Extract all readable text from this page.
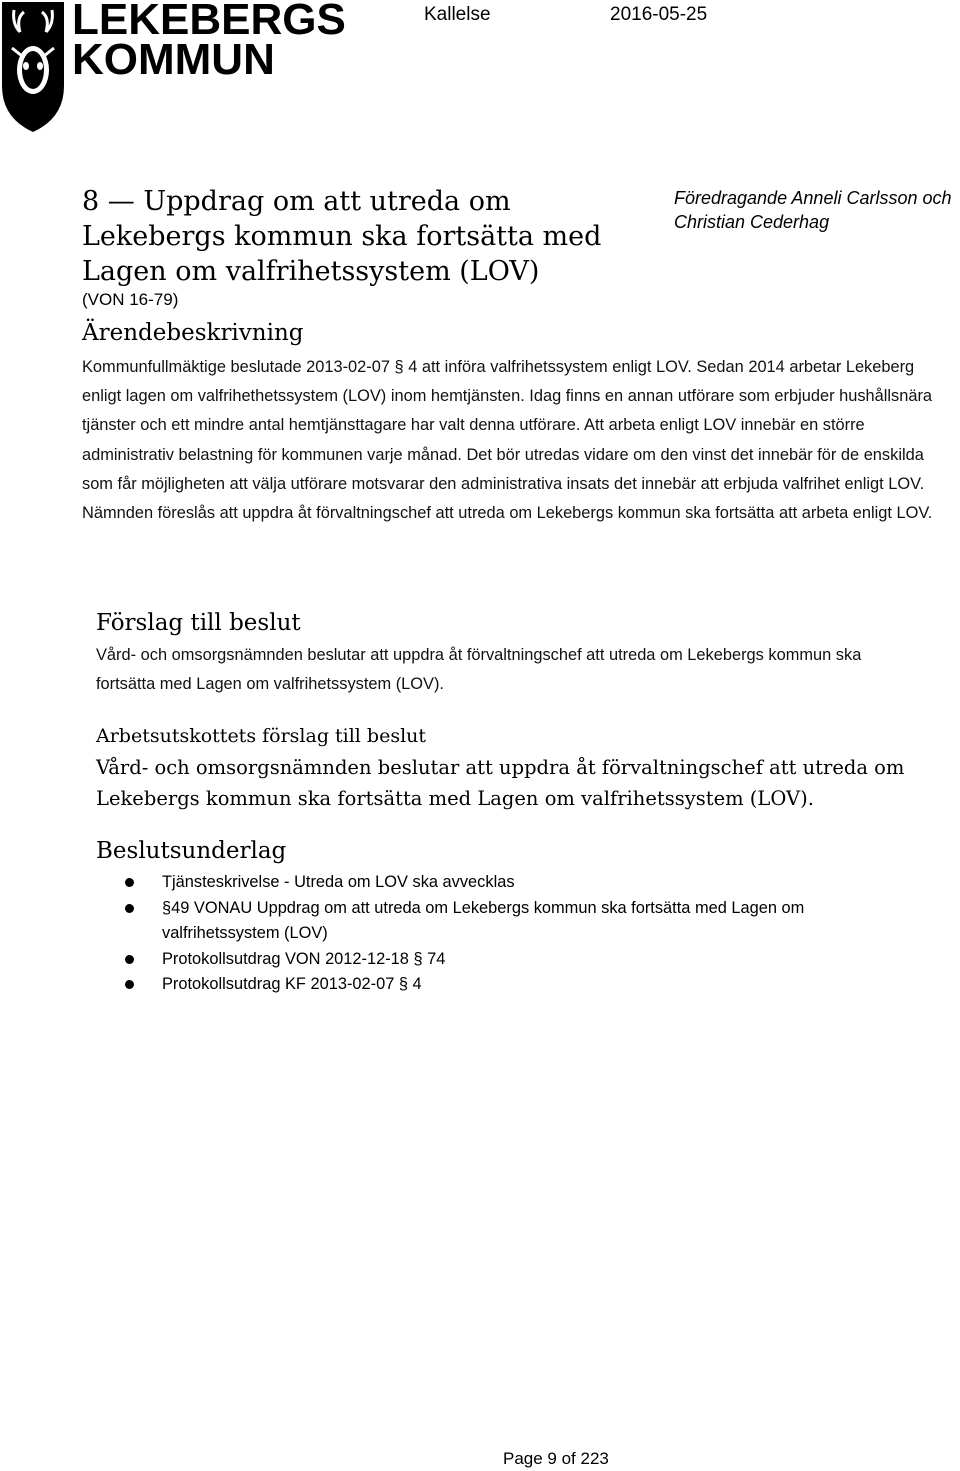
LEKEBERGS
KOMMUN
Kallelse	2016-05-25
8 — Uppdrag om att utreda om Lekebergs kommun ska fortsätta med Lagen om valfrihetssystem (LOV)
(VON 16-79)
Föredragande Anneli Carlsson och Christian Cederhag
Ärendebeskrivning
Kommunfullmäktige beslutade 2013-02-07 § 4 att införa valfrihetssystem enligt LOV. Sedan 2014 arbetar Lekeberg enligt lagen om valfrihethetssystem (LOV) inom hemtjänsten. Idag finns en annan utförare som erbjuder hushållsnära tjänster och ett mindre antal hemtjänsttagare har valt denna utförare. Att arbeta enligt LOV innebär en större administrativ belastning för kommunen varje månad. Det bör utredas vidare om den vinst det innebär för de enskilda som får möjligheten att välja utförare motsvarar den administrativa insats det innebär att erbjuda valfrihet enligt LOV. Nämnden föreslås att uppdra åt förvaltningschef att utreda om Lekebergs kommun ska fortsätta att arbeta enligt LOV.
Förslag till beslut
Vård- och omsorgsnämnden beslutar att uppdra åt förvaltningschef att utreda om Lekebergs kommun ska fortsätta med Lagen om valfrihetssystem (LOV).
Arbetsutskottets förslag till beslut
Vård- och omsorgsnämnden beslutar att uppdra åt förvaltningschef att utreda om Lekebergs kommun ska fortsätta med Lagen om valfrihetssystem (LOV).
Beslutsunderlag
Tjänsteskrivelse - Utreda om LOV ska avvecklas
§49 VONAU Uppdrag om att utreda om Lekebergs kommun ska fortsätta med Lagen om valfrihetssystem (LOV)
Protokollsutdrag VON 2012-12-18 § 74
Protokollsutdrag KF 2013-02-07 § 4
Page 9 of 223
